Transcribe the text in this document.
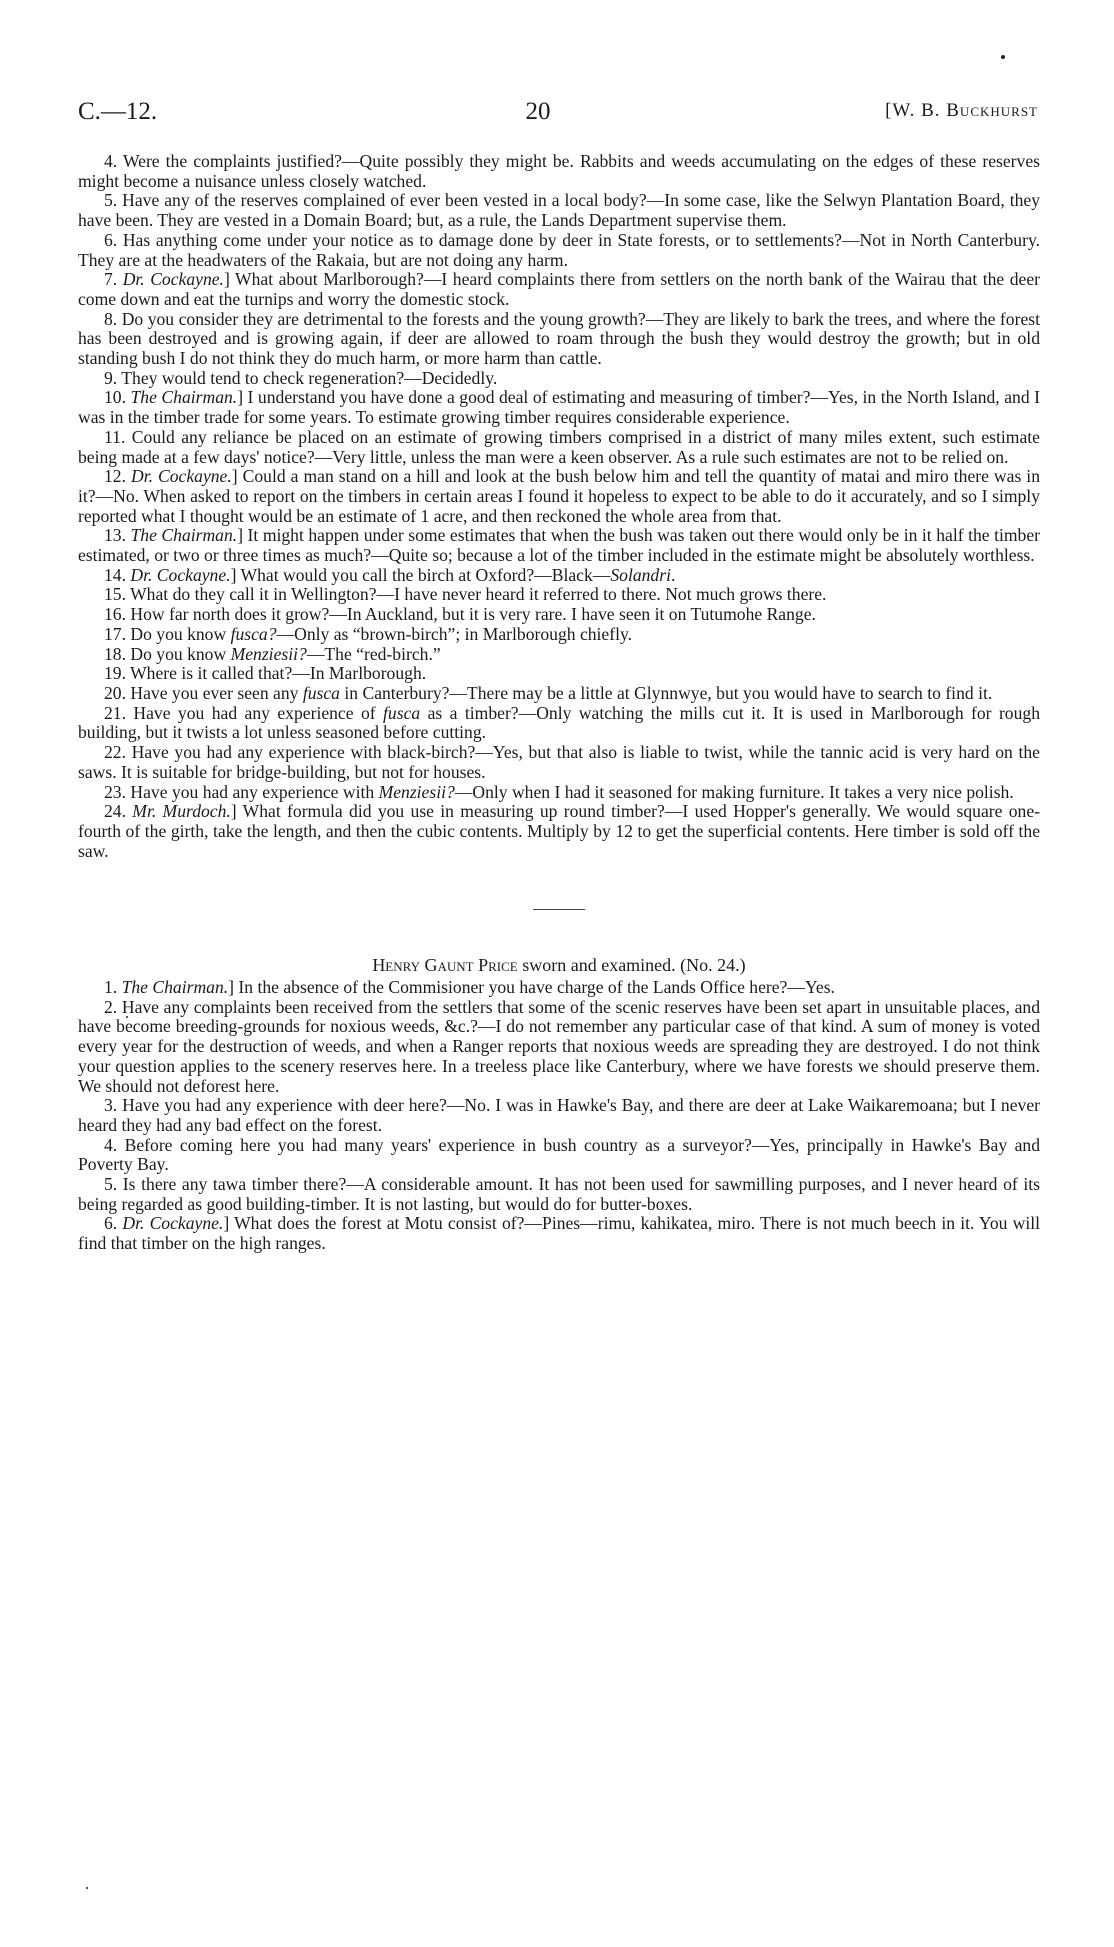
C.—12.	20	[W. B. Buckhurst

4. Were the complaints justified?—Quite possibly they might be. Rabbits and weeds accumulating on the edges of these reserves might become a nuisance unless closely watched.

5. Have any of the reserves complained of ever been vested in a local body?—In some case, like the Selwyn Plantation Board, they have been. They are vested in a Domain Board; but, as a rule, the Lands Department supervise them.

6. Has anything come under your notice as to damage done by deer in State forests, or to settlements?—Not in North Canterbury. They are at the headwaters of the Rakaia, but are not doing any harm.

7. Dr. Cockayne.] What about Marlborough?—I heard complaints there from settlers on the north bank of the Wairau that the deer come down and eat the turnips and worry the domestic stock.

8. Do you consider they are detrimental to the forests and the young growth?—They are likely to bark the trees, and where the forest has been destroyed and is growing again, if deer are allowed to roam through the bush they would destroy the growth; but in old standing bush I do not think they do much harm, or more harm than cattle.

9. They would tend to check regeneration?—Decidedly.

10. The Chairman.] I understand you have done a good deal of estimating and measuring of timber?—Yes, in the North Island, and I was in the timber trade for some years. To estimate growing timber requires considerable experience.

11. Could any reliance be placed on an estimate of growing timbers comprised in a district of many miles extent, such estimate being made at a few days' notice?—Very little, unless the man were a keen observer. As a rule such estimates are not to be relied on.

12. Dr. Cockayne.] Could a man stand on a hill and look at the bush below him and tell the quantity of matai and miro there was in it?—No. When asked to report on the timbers in certain areas I found it hopeless to expect to be able to do it accurately, and so I simply reported what I thought would be an estimate of 1 acre, and then reckoned the whole area from that.

13. The Chairman.] It might happen under some estimates that when the bush was taken out there would only be in it half the timber estimated, or two or three times as much?—Quite so; because a lot of the timber included in the estimate might be absolutely worthless.

14. Dr. Cockayne.] What would you call the birch at Oxford?—Black—Solandri.

15. What do they call it in Wellington?—I have never heard it referred to there. Not much grows there.

16. How far north does it grow?—In Auckland, but it is very rare. I have seen it on Tutumohe Range.

17. Do you know fusca?—Only as “brown-birch”; in Marlborough chiefly.

18. Do you know Menziesii?—The “red-birch.”

19. Where is it called that?—In Marlborough.

20. Have you ever seen any fusca in Canterbury?—There may be a little at Glynnwye, but you would have to search to find it.

21. Have you had any experience of fusca as a timber?—Only watching the mills cut it. It is used in Marlborough for rough building, but it twists a lot unless seasoned before cutting.

22. Have you had any experience with black-birch?—Yes, but that also is liable to twist, while the tannic acid is very hard on the saws. It is suitable for bridge-building, but not for houses.

23. Have you had any experience with Menziesii?—Only when I had it seasoned for making furniture. It takes a very nice polish.

24. Mr. Murdoch.] What formula did you use in measuring up round timber?—I used Hopper's generally. We would square one-fourth of the girth, take the length, and then the cubic contents. Multiply by 12 to get the superficial contents. Here timber is sold off the saw.

Henry Gaunt Price sworn and examined. (No. 24.)

1. The Chairman.] In the absence of the Commisioner you have charge of the Lands Office here?—Yes.

2. Have any complaints been received from the settlers that some of the scenic reserves have been set apart in unsuitable places, and have become breeding-grounds for noxious weeds, &c.?—I do not remember any particular case of that kind. A sum of money is voted every year for the destruction of weeds, and when a Ranger reports that noxious weeds are spreading they are destroyed. I do not think your question applies to the scenery reserves here. In a treeless place like Canterbury, where we have forests we should preserve them. We should not deforest here.

3. Have you had any experience with deer here?—No. I was in Hawke's Bay, and there are deer at Lake Waikaremoana; but I never heard they had any bad effect on the forest.

4. Before coming here you had many years' experience in bush country as a surveyor?—Yes, principally in Hawke's Bay and Poverty Bay.

5. Is there any tawa timber there?—A considerable amount. It has not been used for sawmilling purposes, and I never heard of its being regarded as good building-timber. It is not lasting, but would do for butter-boxes.

6. Dr. Cockayne.] What does the forest at Motu consist of?—Pines—rimu, kahikatea, miro. There is not much beech in it. You will find that timber on the high ranges.
